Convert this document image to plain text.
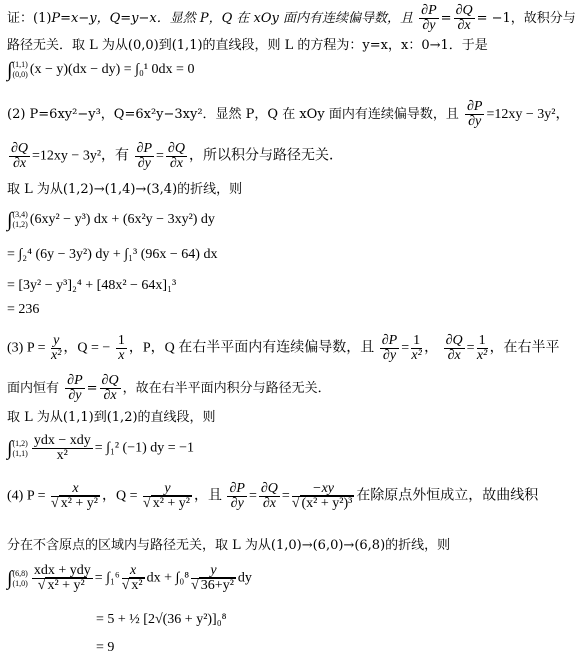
证：(1)P=x−y，Q=y−x．显然 P，Q 在 xOy 面内有连续偏导数，且 $\frac{\partial P}{\partial y} = \frac{\partial Q}{\partial x} = -1$，故积分与
路径无关．取 L 为从(0,0)到(1,1)的直线段，则 L 的方程为：y=x，x：0→1．于是
∫ (1,1)
(0,0) (x − y)(dx − dy) = ∫₀¹ 0dx = 0
(2) P=6xy²−y³，Q=6x²y−3xy²．显然 P，Q 在 xOy 面内有连续偏导数，且 $\frac{\partial P}{\partial y} =12xy - 3y^2$，
$\frac{\partial Q}{\partial x} =12xy - 3y^2$，有 $\frac{\partial P}{\partial y} = \frac{\partial Q}{\partial x}$ ，所以积分与路径无关．
取 L 为从(1,2)→(1,4)→(3,4)的折线，则
∫ (3,4)
(1,2) (6xy² − y³) dx + (6x²y − 3xy²) dy
= ∫₂⁴ (6y − 3y²) dy + ∫₁³ (96x − 64) dx
= [3y² − y³]₂⁴ + [48x² − 64x]₁³
= 236
(3) $P = \frac{y}{\text{x²}}$ ，Q = − $\frac{1}{x}$ ，P，Q 在右半平面内有连续偏导数，且 $\frac{\partial P}{\partial y} = \frac{1}{\text{x²}}$ ， $\frac{\partial Q}{\partial x} = \frac{1}{\text{x²}}$ ，在右半平
面内恒有 $\frac{\partial P}{\partial y} = \frac{\partial Q}{\partial x}$ ，故在右半平面内积分与路径无关．
取 L 为从(1,1)到(1,2)的直线段，则
∫ (1,2)
$(1,1) \frac{\text{ydx − xdy}}{\text{x²}} = \int_1^2$ (−1) dy = −1
(4) $P = \frac{x}{\text{√ x² + y²}}$ ，$Q = \frac{y}{\text{√ x² + y²}}$ ，且 $\frac{\partial P}{\partial y} = \frac{\partial Q}{\partial x} = \frac{-xy}{\text{√ (x² + y²)³}}$ 在除原点外恒成立，故曲线积
分在不含原点的区域内与路径无关，取 L 为从(1,0)→(6,0)→(6,8)的折线，则
∫ (6,8)
$(1,0) \frac{\text{xdx + ydy}}{\text{√ x² + y²}} = \int_1^6 \frac{x}{\text{√ x²}}$ dx + $\int_0^8 \frac{y}{\text{√ 36+y²}}$ dy
= 5 + ½ [2√(36 + y²)]₀⁸
= 9
